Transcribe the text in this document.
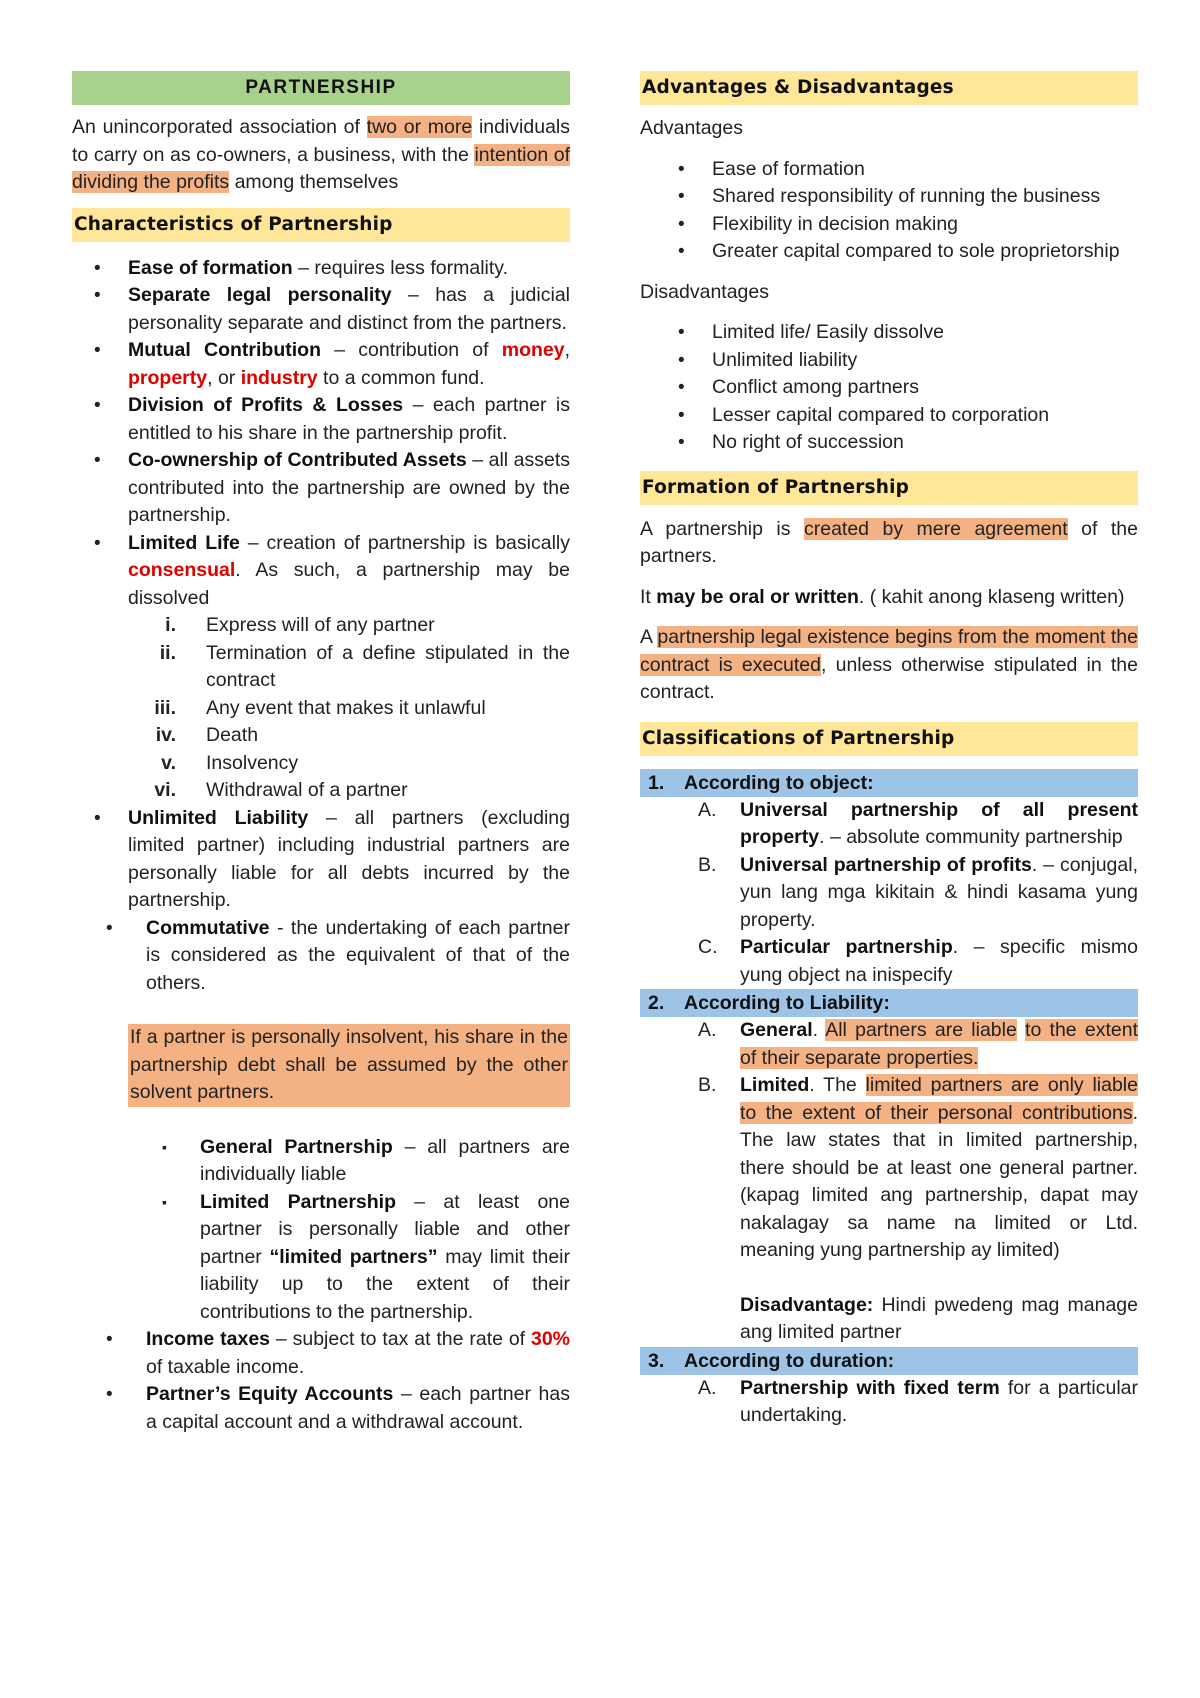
PARTNERSHIP

An unincorporated association of two or more individuals to carry on as co-owners, a business, with the intention of dividing the profits among themselves

Characteristics of Partnership
• Ease of formation – requires less formality.
• Separate legal personality – has a judicial personality separate and distinct from the partners.
• Mutual Contribution – contribution of money, property, or industry to a common fund.
• Division of Profits & Losses – each partner is entitled to his share in the partnership profit.
• Co-ownership of Contributed Assets – all assets contributed into the partnership are owned by the partnership.
• Limited Life – creation of partnership is basically consensual. As such, a partnership may be dissolved
i. Express will of any partner
ii. Termination of a define stipulated in the contract
iii. Any event that makes it unlawful
iv. Death
v. Insolvency
vi. Withdrawal of a partner
• Unlimited Liability – all partners (excluding limited partner) including industrial partners are personally liable for all debts incurred by the partnership.
• Commutative - the undertaking of each partner is considered as the equivalent of that of the others.

If a partner is personally insolvent, his share in the partnership debt shall be assumed by the other solvent partners.

▪ General Partnership – all partners are individually liable
▪ Limited Partnership – at least one partner is personally liable and other partner “limited partners” may limit their liability up to the extent of their contributions to the partnership.
• Income taxes – subject to tax at the rate of 30% of taxable income.
• Partner’s Equity Accounts – each partner has a capital account and a withdrawal account.
Advantages & Disadvantages

Advantages

• Ease of formation
• Shared responsibility of running the business
• Flexibility in decision making
• Greater capital compared to sole proprietorship

Disadvantages

• Limited life/ Easily dissolve
• Unlimited liability
• Conflict among partners
• Lesser capital compared to corporation
• No right of succession
Formation of Partnership

A partnership is created by mere agreement of the partners.

It may be oral or written. ( kahit anong klaseng written)

A partnership legal existence begins from the moment the contract is executed, unless otherwise stipulated in the contract.

Classifications of Partnership
1. According to object:

A. Universal partnership of all present property. – absolute community partnership

B. Universal partnership of profits. – conjugal, yun lang mga kikitain & hindi kasama yung property.

C. Particular partnership. – specific mismo yung object na inispecify

2. According to Liability:

A. General. All partners are liable to the extent of their separate properties.

B. Limited. The limited partners are only liable to the extent of their personal contributions. The law states that in limited partnership, there should be at least one general partner. (kapag limited ang partnership, dapat may nakalagay sa name na limited or Ltd. meaning yung partnership ay limited)

Disadvantage: Hindi pwedeng mag manage ang limited partner

3. According to duration:

A. Partnership with fixed term for a particular undertaking.
